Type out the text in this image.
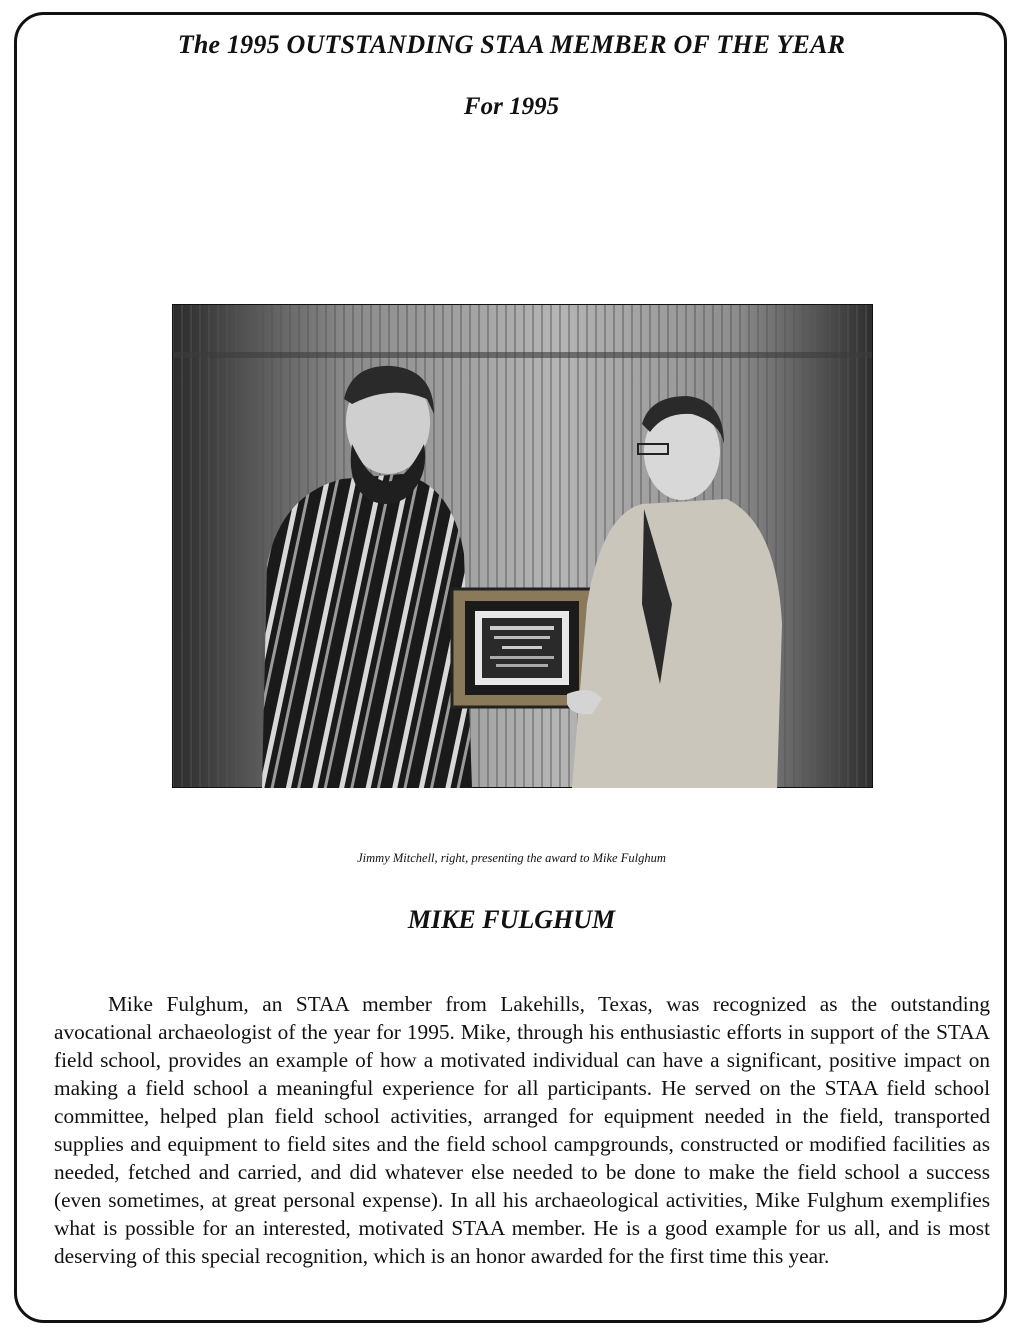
The 1995 OUTSTANDING STAA MEMBER OF THE YEAR
For 1995
Jimmy Mitchell, right, presenting the award to Mike Fulghum
MIKE FULGHUM

Mike Fulghum, an STAA member from Lakehills, Texas, was recognized as the outstanding avocational archaeologist of the year for 1995. Mike, through his enthusiastic efforts in support of the STAA field school, provides an example of how a motivated individual can have a significant, positive impact on making a field school a meaningful experience for all participants. He served on the STAA field school committee, helped plan field school activities, arranged for equipment needed in the field, transported supplies and equipment to field sites and the field school campgrounds, constructed or modified facilities as needed, fetched and carried, and did whatever else needed to be done to make the field school a success (even sometimes, at great personal expense). In all his archaeological activities, Mike Fulghum exemplifies what is possible for an interested, motivated STAA member. He is a good example for us all, and is most deserving of this special recognition, which is an honor awarded for the first time this year.
